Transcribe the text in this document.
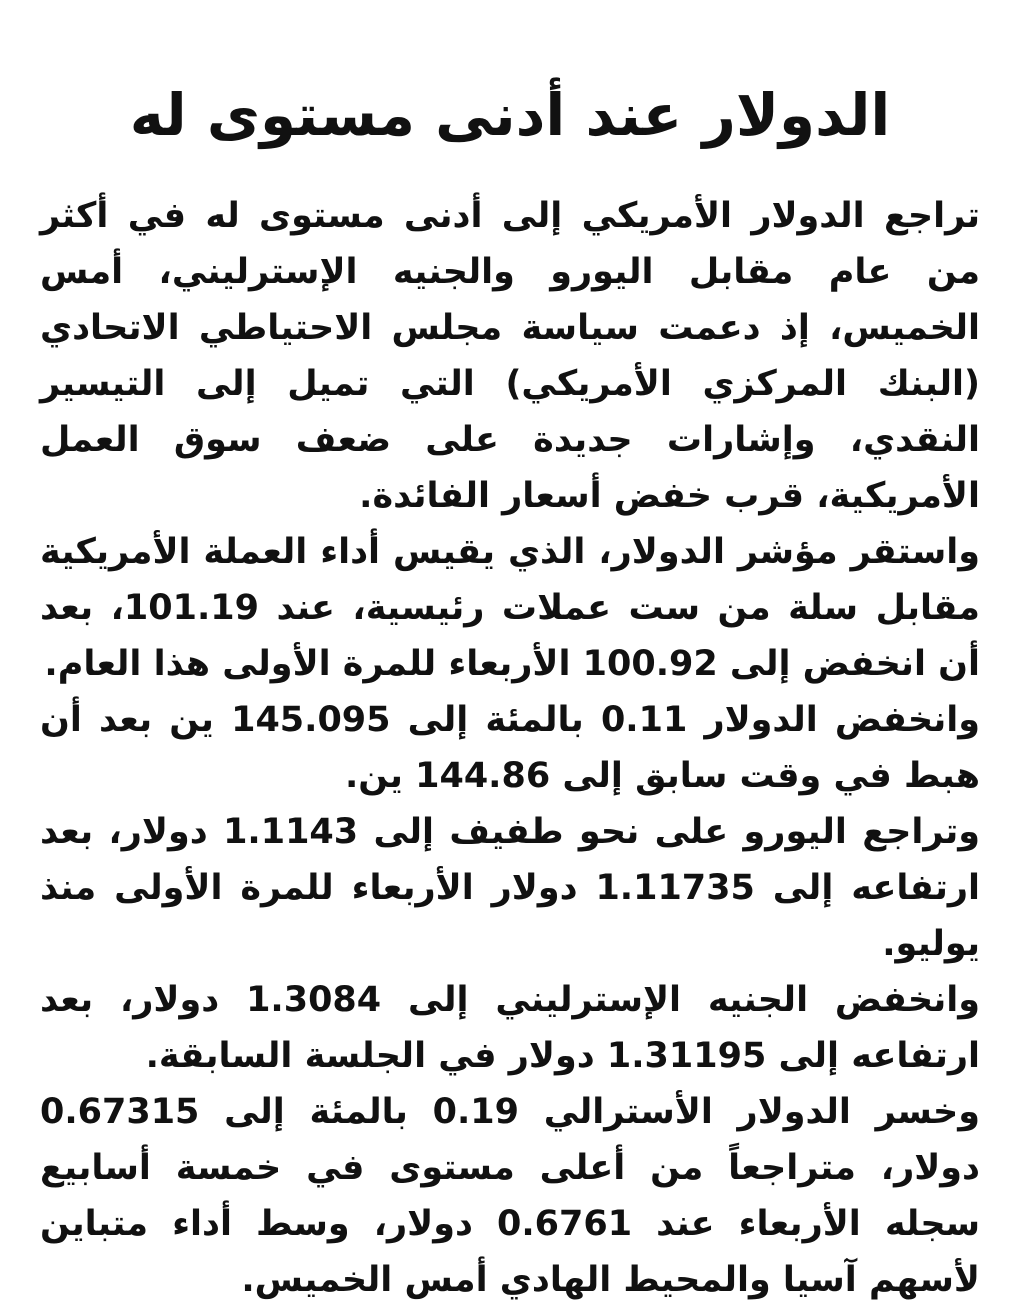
الدولار عند أدنى مستوى له

تراجع الدولار الأمريكي إلى أدنى مستوى له في أكثر من عام مقابل اليورو والجنيه الإسترليني، أمس الخميس، إذ دعمت سياسة مجلس الاحتياطي الاتحادي (البنك المركزي الأمريكي) التي تميل إلى التيسير النقدي، وإشارات جديدة على ضعف سوق العمل الأمريكية، قرب خفض أسعار الفائدة.

واستقر مؤشر الدولار، الذي يقيس أداء العملة الأمريكية مقابل سلة من ست عملات رئيسية، عند 101.19، بعد أن انخفض إلى 100.92 الأربعاء للمرة الأولى هذا العام.

وانخفض الدولار 0.11 بالمئة إلى 145.095 ين بعد أن هبط في وقت سابق إلى 144.86 ين.

وتراجع اليورو على نحو طفيف إلى 1.1143 دولار، بعد ارتفاعه إلى 1.11735 دولار الأربعاء للمرة الأولى منذ يوليو.

وانخفض الجنيه الإسترليني إلى 1.3084 دولار، بعد ارتفاعه إلى 1.31195 دولار في الجلسة السابقة.

وخسر الدولار الأسترالي 0.19 بالمئة إلى 0.67315 دولار، متراجعاً من أعلى مستوى في خمسة أسابيع سجله الأربعاء عند 0.6761 دولار، وسط أداء متباين لأسهم آسيا والمحيط الهادي أمس الخميس.
